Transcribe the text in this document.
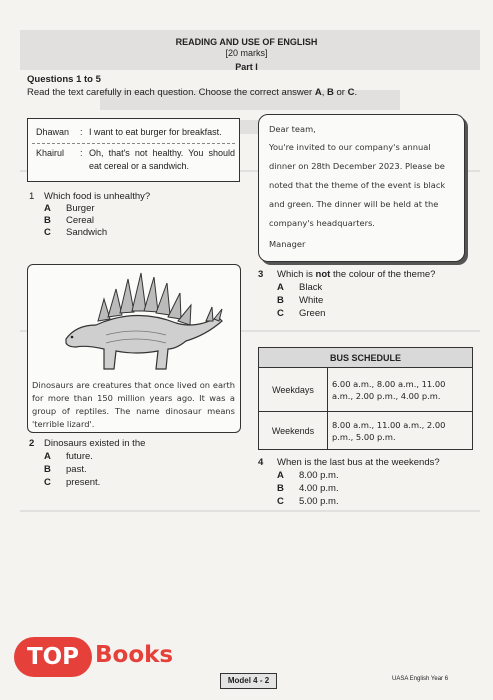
READING AND USE OF ENGLISH
[20 marks]
Part I
Questions 1 to 5
Read the text carefully in each question. Choose the correct answer A, B or C.
Dhawan : I want to eat burger for breakfast.
Khairul : Oh, that's not healthy. You should eat cereal or a sandwich.
1 Which food is unhealthy?
A Burger
B Cereal
C Sandwich
Dinosaurs are creatures that once lived on earth for more than 150 million years ago. It was a group of reptiles. The name dinosaur means 'terrible lizard'.
2 Dinosaurs existed in the
A future.
B past.
C present.
Dear team,
You're invited to our company's annual dinner on 28th December 2023. Please be noted that the theme of the event is black and green. The dinner will be held at the company's headquarters.
Manager
3 Which is not the colour of the theme?
A Black
B White
C Green
BUS SCHEDULE	
Weekdays	6.00 a.m., 8.00 a.m., 11.00 a.m., 2.00 p.m., 4.00 p.m.
Weekends	8.00 a.m., 11.00 a.m., 2.00 p.m., 5.00 p.m.
4 When is the last bus at the weekends?
A 8.00 p.m.
B 4.00 p.m.
C 5.00 p.m.
Model 4 - 2	UASA English Year 6
TOP Books
